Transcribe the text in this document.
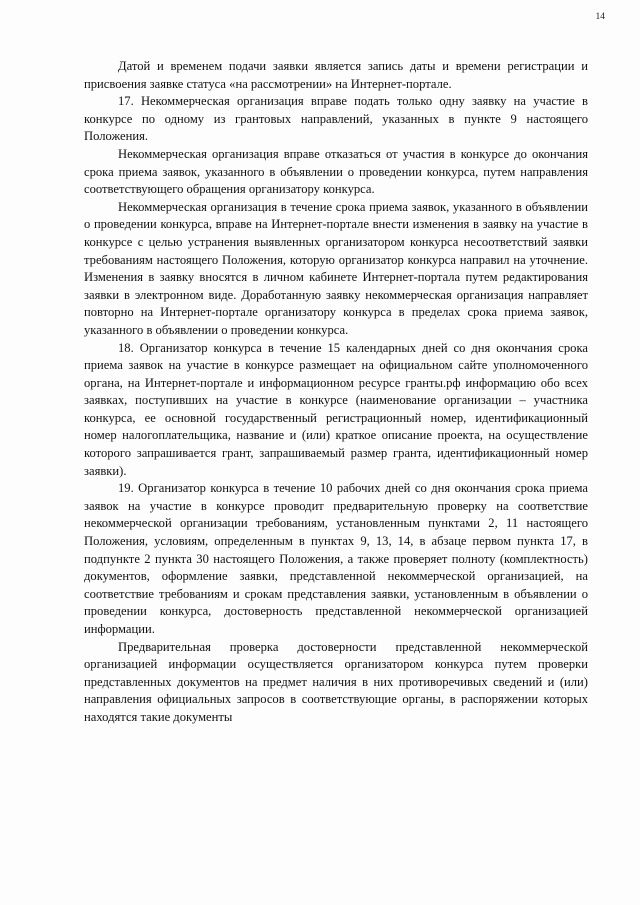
14

Датой и временем подачи заявки является запись даты и времени регистрации и присвоения заявке статуса «на рассмотрении» на Интернет-портале.

17. Некоммерческая организация вправе подать только одну заявку на участие в конкурсе по одному из грантовых направлений, указанных в пункте 9 настоящего Положения.

Некоммерческая организация вправе отказаться от участия в конкурсе до окончания срока приема заявок, указанного в объявлении о проведении конкурса, путем направления соответствующего обращения организатору конкурса.

Некоммерческая организация в течение срока приема заявок, указанного в объявлении о проведении конкурса, вправе на Интернет-портале внести изменения в заявку на участие в конкурсе с целью устранения выявленных организатором конкурса несоответствий заявки требованиям настоящего Положения, которую организатор конкурса направил на уточнение. Изменения в заявку вносятся в личном кабинете Интернет-портала путем редактирования заявки в электронном виде. Доработанную заявку некоммерческая организация направляет повторно на Интернет-портале организатору конкурса в пределах срока приема заявок, указанного в объявлении о проведении конкурса.

18. Организатор конкурса в течение 15 календарных дней со дня окончания срока приема заявок на участие в конкурсе размещает на официальном сайте уполномоченного органа, на Интернет-портале и информационном ресурсе гранты.рф информацию обо всех заявках, поступивших на участие в конкурсе (наименование организации – участника конкурса, ее основной государственный регистрационный номер, идентификационный номер налогоплательщика, название и (или) краткое описание проекта, на осуществление которого запрашивается грант, запрашиваемый размер гранта, идентификационный номер заявки).

19. Организатор конкурса в течение 10 рабочих дней со дня окончания срока приема заявок на участие в конкурсе проводит предварительную проверку на соответствие некоммерческой организации требованиям, установленным пунктами 2, 11 настоящего Положения, условиям, определенным в пунктах 9, 13, 14, в абзаце первом пункта 17, в подпункте 2 пункта 30 настоящего Положения, а также проверяет полноту (комплектность) документов, оформление заявки, представленной некоммерческой организацией, на соответствие требованиям и срокам представления заявки, установленным в объявлении о проведении конкурса, достоверность представленной некоммерческой организацией информации.

Предварительная проверка достоверности представленной некоммерческой организацией информации осуществляется организатором конкурса путем проверки представленных документов на предмет наличия в них противоречивых сведений и (или) направления официальных запросов в соответствующие органы, в распоряжении которых находятся такие документы
